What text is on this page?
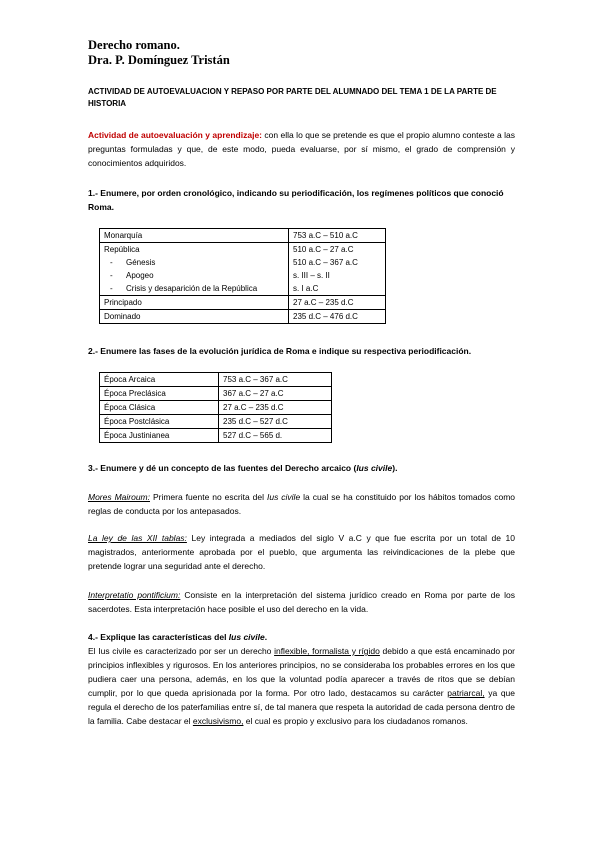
Derecho romano.
Dra. P. Domínguez Tristán
ACTIVIDAD DE AUTOEVALUACION Y REPASO POR PARTE DEL ALUMNADO DEL TEMA 1 DE LA PARTE DE HISTORIA
Actividad de autoevaluación y aprendizaje: con ella lo que se pretende es que el propio alumno conteste a las preguntas formuladas y que, de este modo, pueda evaluarse, por sí mismo, el grado de comprensión y conocimientos adquiridos.
1.- Enumere, por orden cronológico, indicando su periodificación, los regímenes políticos que conoció Roma.
Monarquía	753 a.C – 510 a.C
República	510 a.C – 27 a.C
- Génesis	510 a.C – 367 a.C
- Apogeo	s. III – s. II
- Crisis y desaparición de la República	s. I a.C
Principado	27 a.C – 235 d.C
Dominado	235 d.C – 476 d.C
2.- Enumere las fases de la evolución jurídica de Roma e indique su respectiva periodificación.
Época Arcaica	753 a.C – 367 a.C
Época Preclásica	367 a.C – 27 a.C
Época Clásica	27 a.C – 235 d.C
Época Postclásica	235 d.C – 527 d.C
Época Justinianea	527 d.C – 565 d.
3.- Enumere y dé un concepto de las fuentes del Derecho arcaico (Ius civile).
Mores Mairoum: Primera fuente no escrita del Ius civile la cual se ha constituido por los hábitos tomados como reglas de conducta por los antepasados.
La ley de las XII tablas: Ley integrada a mediados del siglo V a.C y que fue escrita por un total de 10 magistrados, anteriormente aprobada por el pueblo, que argumenta las reivindicaciones de la plebe que pretende lograr una seguridad ante el derecho.
Interpretatio pontificium: Consiste en la interpretación del sistema jurídico creado en Roma por parte de los sacerdotes. Esta interpretación hace posible el uso del derecho en la vida.
4.- Explique las características del Ius civile.
El Ius civile es caracterizado por ser un derecho inflexible, formalista y rígido debido a que está encaminado por principios inflexibles y rigurosos. En los anteriores principios, no se consideraba los probables errores en los que pudiera caer una persona, además, en los que la voluntad podía aparecer a través de ritos que se debían cumplir, por lo que queda aprisionada por la forma. Por otro lado, destacamos su carácter patriarcal, ya que regula el derecho de los paterfamilias entre sí, de tal manera que respeta la autoridad de cada persona dentro de la familia. Cabe destacar el exclusivismo, el cual es propio y exclusivo para los ciudadanos romanos.
